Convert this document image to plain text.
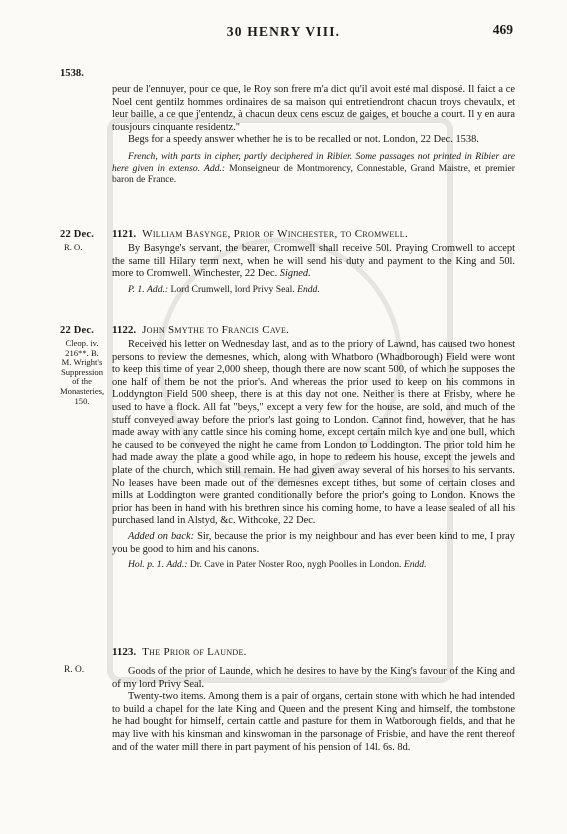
30 HENRY VIII.	469
1538.

peur de l'ennuyer, pour ce que, le Roy son frere m'a dict qu'il avoit esté mal disposé. Il faict a ce Noel cent gentilz hommes ordinaires de sa maison qui entretiendront chacun troys chevaulx, et leur baille, a ce que j'entendz, à chacun deux cens escuz de gaiges, et bouche a court. Il y en aura tousjours cinquante residentz."

Begs for a speedy answer whether he is to be recalled or not. London, 22 Dec. 1538.

French, with parts in cipher, partly deciphered in Ribier. Some passages not printed in Ribier are here given in extenso. Add.: Monseigneur de Montmorency, Connestable, Grand Maistre, et premier baron de France.

22 Dec.
R. O.

1121. William Basynge, Prior of Winchester, to Cromwell.

By Basynge's servant, the bearer, Cromwell shall receive 50l. Praying Cromwell to accept the same till Hilary term next, when he will send his duty and payment to the King and 50l. more to Cromwell. Winchester, 22 Dec. Signed.

P. 1. Add.: Lord Crumwell, lord Privy Seal. Endd.

22 Dec.
Cleop. iv. 216**. B. M. Wright's Suppression of the Monasteries, 150.

1122. John Smythe to Francis Cave.

Received his letter on Wednesday last, and as to the priory of Lawnd, has caused two honest persons to review the demesnes, which, along with Whatboro (Whadborough) Field were wont to keep this time of year 2,000 sheep, though there are now scant 500, of which he supposes the one half of them be not the prior's. And whereas the prior used to keep on his commons in Loddyngton Field 500 sheep, there is at this day not one. Neither is there at Frisby, where he used to have a flock. All fat "beys," except a very few for the house, are sold, and much of the stuff conveyed away before the prior's last going to London. Cannot find, however, that he has made away with any cattle since his coming home, except certain milch kye and one bull, which he caused to be conveyed the night he came from London to Loddington. The prior told him he had made away the plate a good while ago, in hope to redeem his house, except the jewels and plate of the church, which still remain. He had given away several of his horses to his servants. No leases have been made out of the demesnes except tithes, but some of certain closes and mills at Loddington were granted conditionally before the prior's going to London. Knows the prior has been in hand with his brethren since his coming home, to have a lease sealed of all his purchased land in Alstyd, &c. Withcoke, 22 Dec.

Added on back: Sir, because the prior is my neighbour and has ever been kind to me, I pray you be good to him and his canons.

Hol. p. 1. Add.: Dr. Cave in Pater Noster Roo, nygh Poolles in London. Endd.

R. O.

1123. The Prior of Launde.

Goods of the prior of Launde, which he desires to have by the King's favour of the King and of my lord Privy Seal.

Twenty-two items. Among them is a pair of organs, certain stone with which he had intended to build a chapel for the late King and Queen and the present King and himself, the tombstone he had bought for himself, certain cattle and pasture for them in Watborough fields, and that he may live with his kinsman and kinswoman in the parsonage of Frisbie, and have the rent thereof and of the water mill there in part payment of his pension of 14l. 6s. 8d.
